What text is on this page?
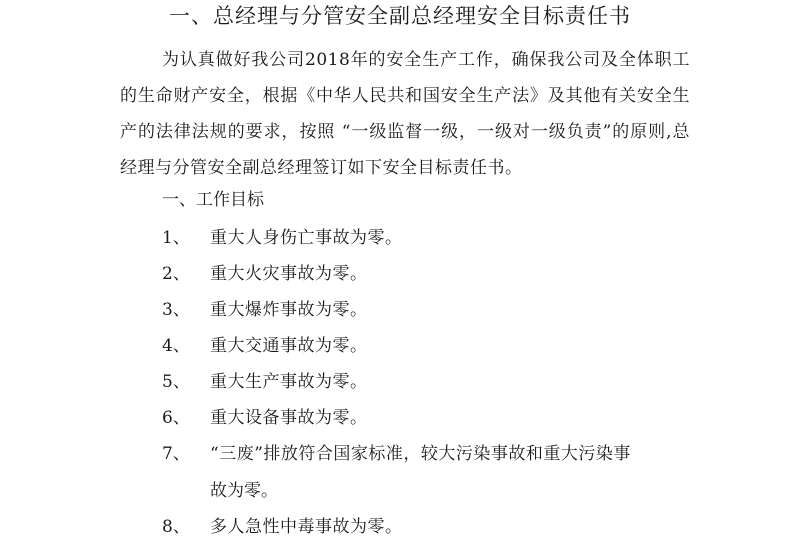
一、总经理与分管安全副总经理安全目标责任书

为认真做好我公司2018年的安全生产工作，确保我公司及全体职工的生命财产安全，根据《中华人民共和国安全生产法》及其他有关安全生产的法律法规的要求，按照 “一级监督一级，一级对一级负责”的原则,总经理与分管安全副总经理签订如下安全目标责任书。

一、工作目标

1、 重大人身伤亡事故为零。

2、 重大火灾事故为零。

3、 重大爆炸事故为零。

4、 重大交通事故为零。

5、 重大生产事故为零。

6、 重大设备事故为零。

7、 “三废”排放符合国家标准，较大污染事故和重大污染事
故为零。

8、 多人急性中毒事故为零。
